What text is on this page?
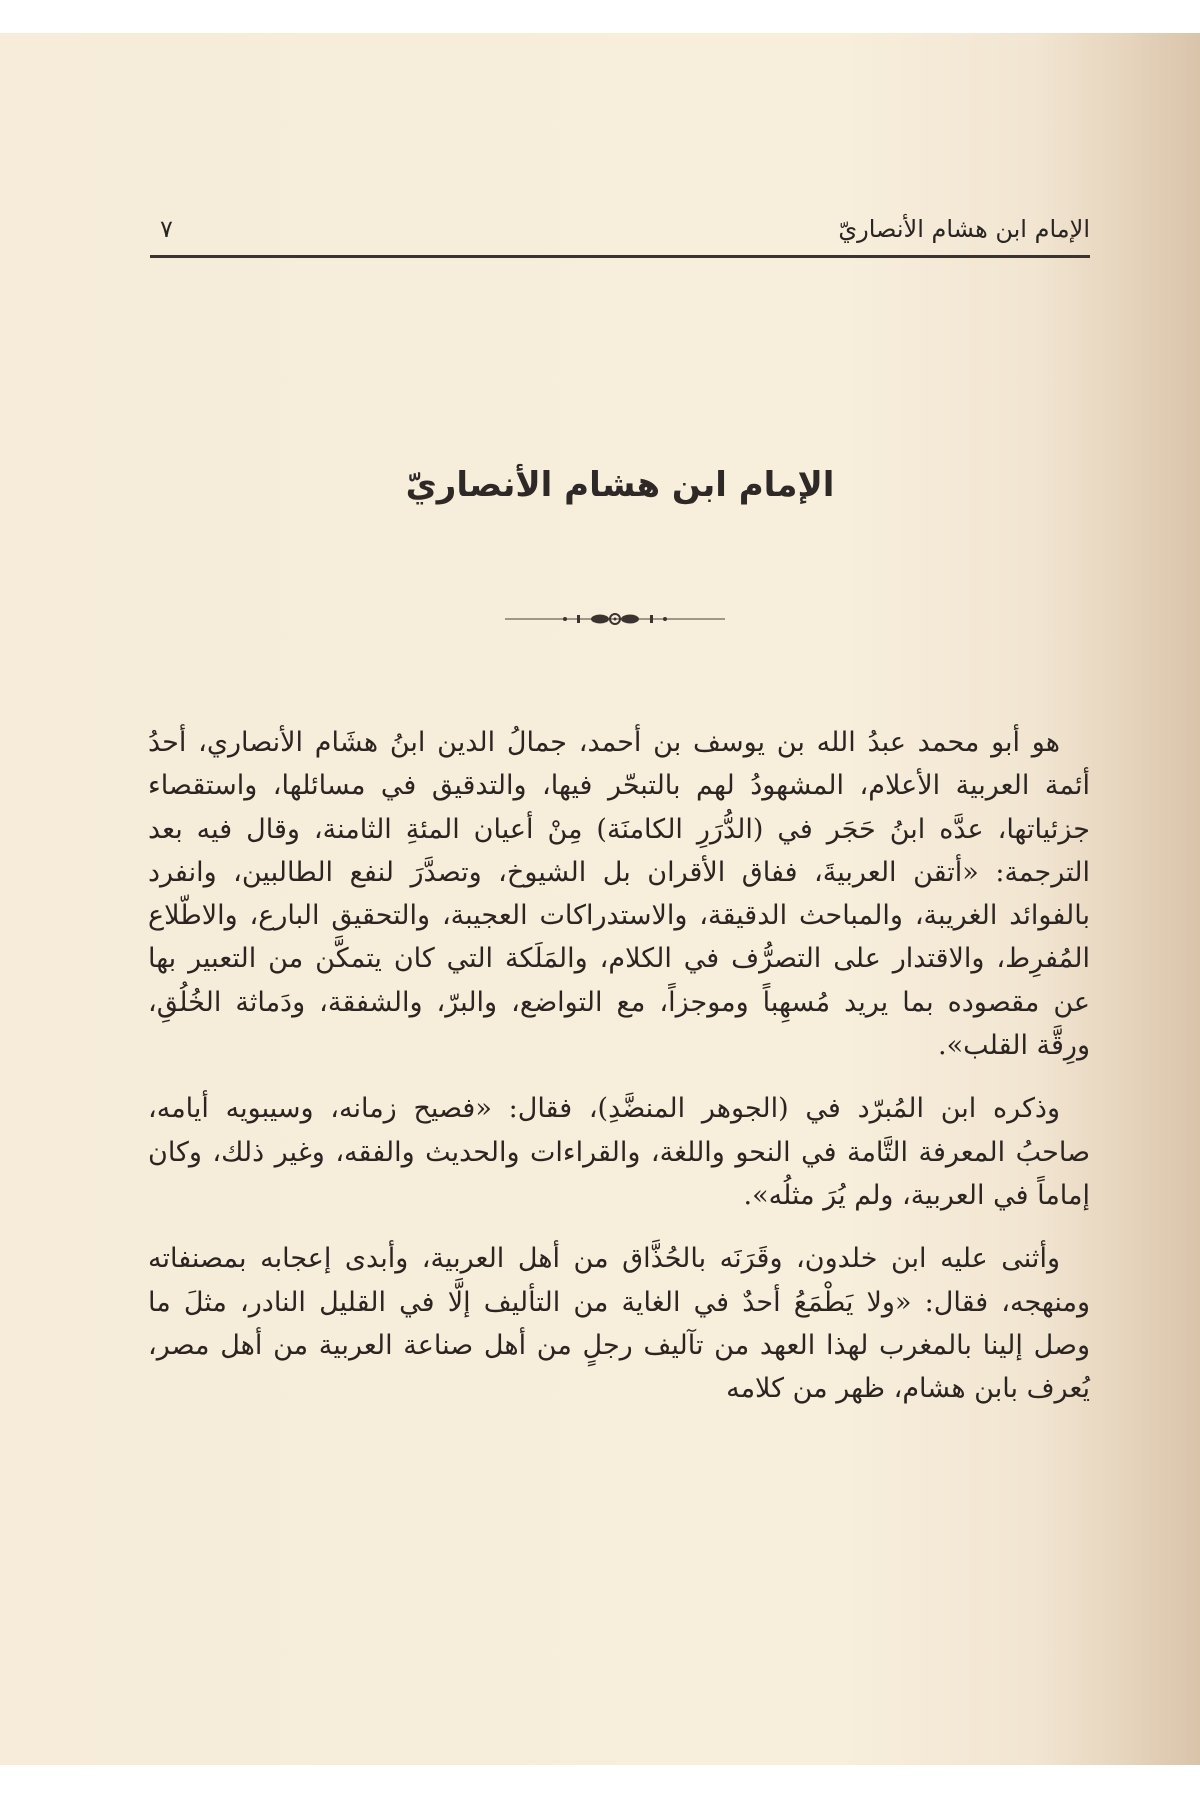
الإمام ابن هشام الأنصاريّ
٧
الإمام ابن هشام الأنصاريّ

هو أبو محمد عبدُ الله بن يوسف بن أحمد، جمالُ الدين ابنُ هشَام الأنصاري، أحدُ أئمة العربية الأعلام، المشهودُ لهم بالتبحّر فيها، والتدقيق في مسائلها، واستقصاء جزئياتها، عدَّه ابنُ حَجَر في (الدُّرَرِ الكامنَة) مِنْ أعيان المئةِ الثامنة، وقال فيه بعد الترجمة: «أتقن العربيةَ، ففاق الأقران بل الشيوخ، وتصدَّرَ لنفع الطالبين، وانفرد بالفوائد الغريبة، والمباحث الدقيقة، والاستدراكات العجيبة، والتحقيق البارع، والاطّلاع المُفرِط، والاقتدار على التصرُّف في الكلام، والمَلَكة التي كان يتمكَّن من التعبير بها عن مقصوده بما يريد مُسهِباً وموجزاً، مع التواضع، والبرّ، والشفقة، ودَماثة الخُلُقِ، ورِقَّة القلب».

وذكره ابن المُبرّد في (الجوهر المنضَّدِ)، فقال: «فصيح زمانه، وسيبويه أيامه، صاحبُ المعرفة التَّامة في النحو واللغة، والقراءات والحديث والفقه، وغير ذلك، وكان إماماً في العربية، ولم يُرَ مثلُه».

وأثنى عليه ابن خلدون، وقَرَنَه بالحُذَّاق من أهل العربية، وأبدى إعجابه بمصنفاته ومنهجه، فقال: «ولا يَطْمَعُ أحدٌ في الغاية من التأليف إلَّا في القليل النادر، مثلَ ما وصل إلينا بالمغرب لهذا العهد من تآليف رجلٍ من أهل صناعة العربية من أهل مصر، يُعرف بابن هشام، ظهر من كلامه
